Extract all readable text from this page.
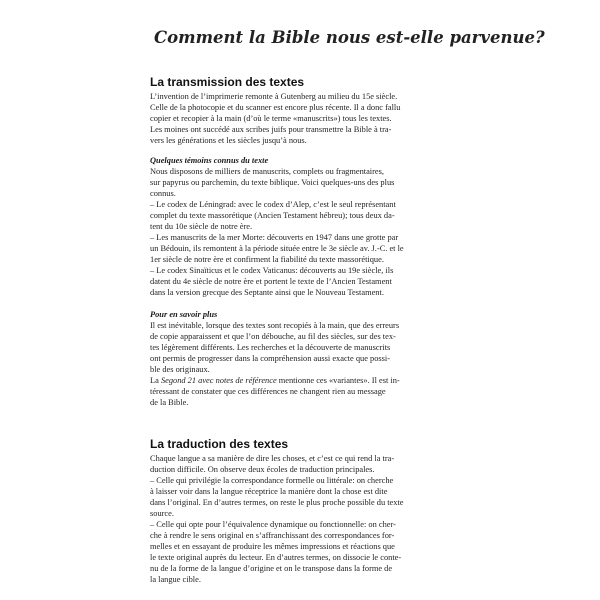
Comment la Bible nous est-elle parvenue?
La transmission des textes
L’invention de l’imprimerie remonte à Gutenberg au milieu du 15e siècle.
Celle de la photocopie et du scanner est encore plus récente. Il a donc fallu
copier et recopier à la main (d’où le terme «manuscrits») tous les textes.
Les moines ont succédé aux scribes juifs pour transmettre la Bible à tra-
vers les générations et les siècles jusqu’à nous.
Quelques témoins connus du texte
Nous disposons de milliers de manuscrits, complets ou fragmentaires,
sur papyrus ou parchemin, du texte biblique. Voici quelques-uns des plus
connus.
– Le codex de Léningrad: avec le codex d’Alep, c’est le seul représentant
complet du texte massorétique (Ancien Testament hébreu); tous deux da-
tent du 10e siècle de notre ère.
– Les manuscrits de la mer Morte: découverts en 1947 dans une grotte par
un Bédouin, ils remontent à la période située entre le 3e siècle av. J.-C. et le
1er siècle de notre ère et confirment la fiabilité du texte massorétique.
– Le codex Sinaïticus et le codex Vaticanus: découverts au 19e siècle, ils
datent du 4e siècle de notre ère et portent le texte de l’Ancien Testament
dans la version grecque des Septante ainsi que le Nouveau Testament.
Pour en savoir plus
Il est inévitable, lorsque des textes sont recopiés à la main, que des erreurs
de copie apparaissent et que l’on débouche, au fil des siècles, sur des tex-
tes légèrement différents. Les recherches et la découverte de manuscrits
ont permis de progresser dans la compréhension aussi exacte que possi-
ble des originaux.
La Segond 21 avec notes de référence mentionne ces «variantes». Il est in-
téressant de constater que ces différences ne changent rien au message
de la Bible.
La traduction des textes
Chaque langue a sa manière de dire les choses, et c’est ce qui rend la tra-
duction difficile. On observe deux écoles de traduction principales.
– Celle qui privilégie la correspondance formelle ou littérale: on cherche
à laisser voir dans la langue réceptrice la manière dont la chose est dite
dans l’original. En d’autres termes, on reste le plus proche possible du texte
source.
– Celle qui opte pour l’équivalence dynamique ou fonctionnelle: on cher-
che à rendre le sens original en s’affranchissant des correspondances for-
melles et en essayant de produire les mêmes impressions et réactions que
le texte original auprès du lecteur. En d’autres termes, on dissocie le conte-
nu de la forme de la langue d’origine et on le transpose dans la forme de
la langue cible.
